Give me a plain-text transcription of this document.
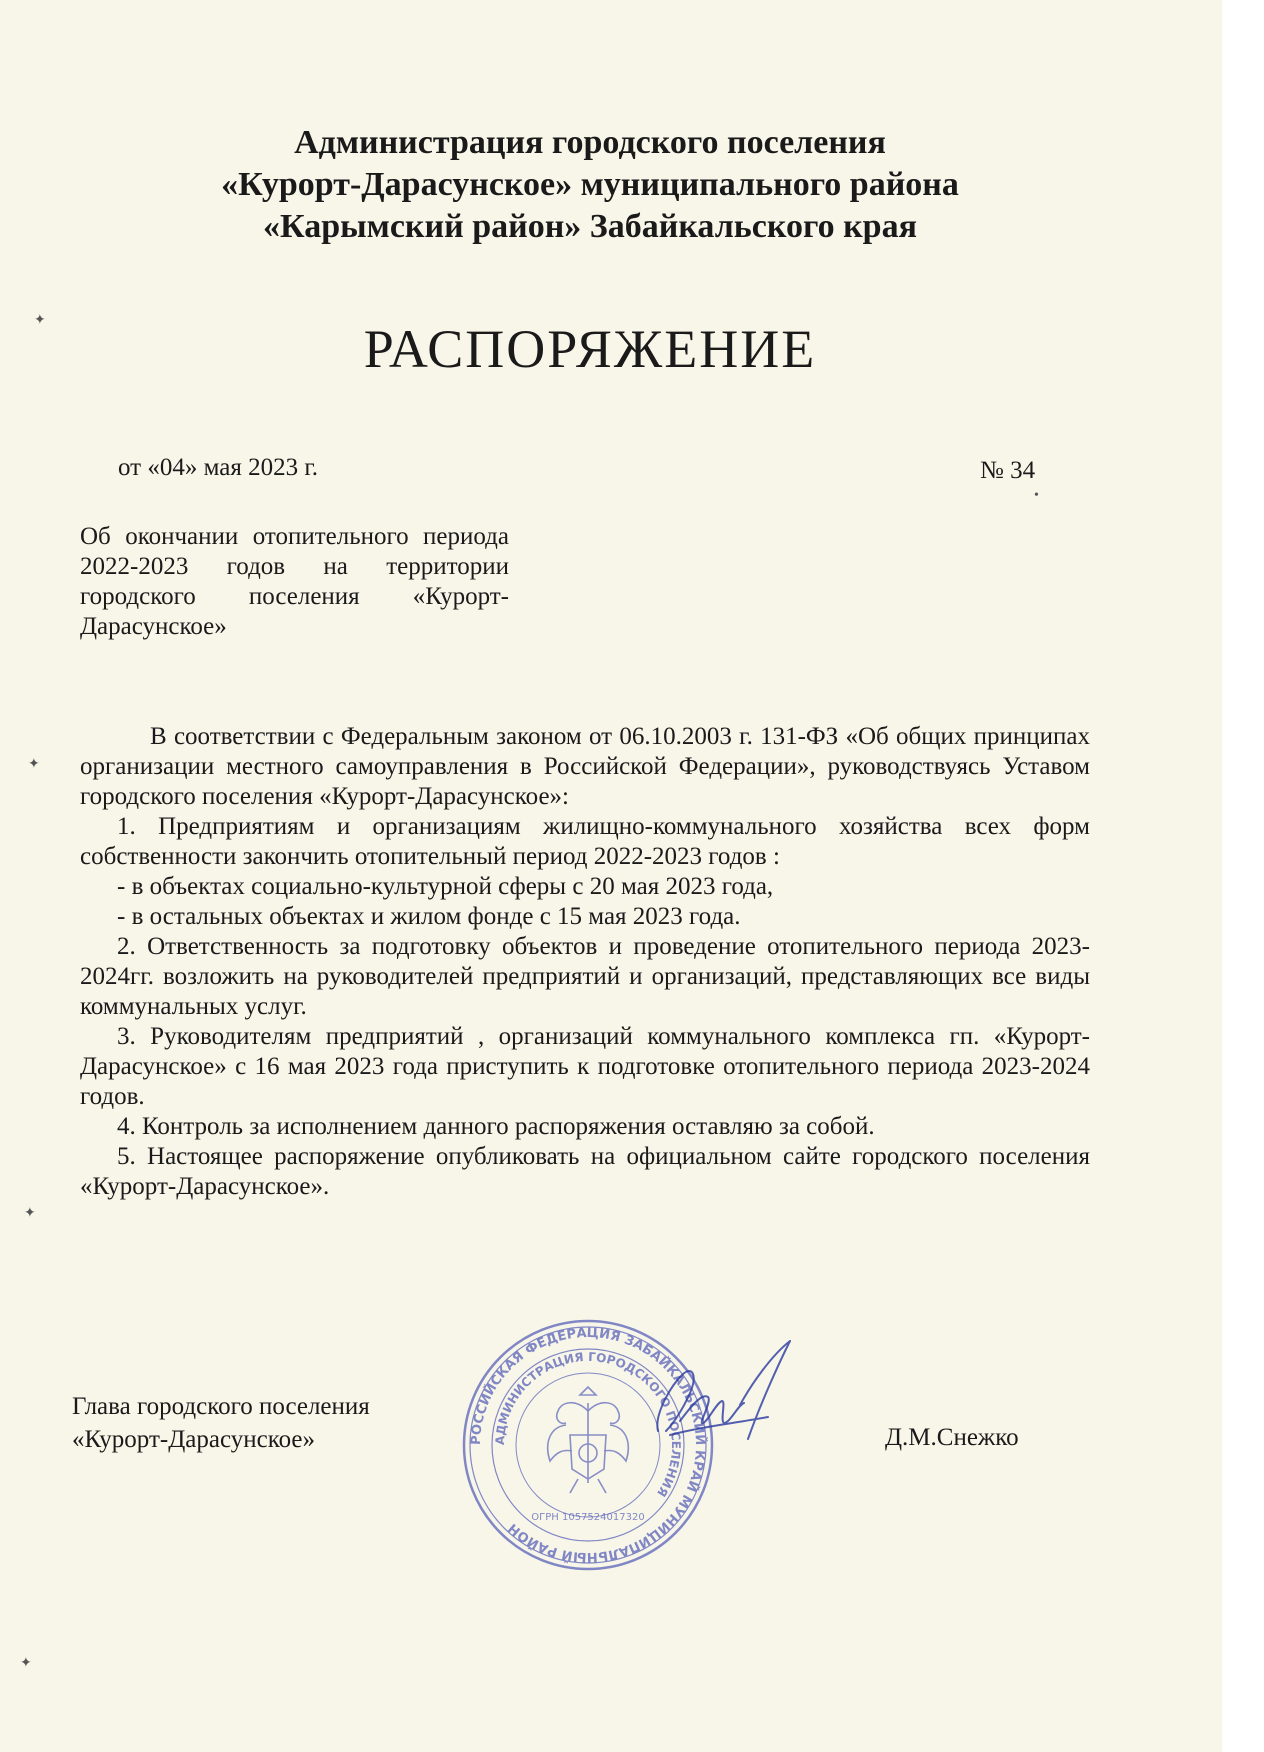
Администрация городского поселения
«Курорт-Дарасунское» муниципального района
«Карымский район» Забайкальского края
РАСПОРЯЖЕНИЕ
от «04» мая 2023 г.	№ 34
Об окончании отопительного периода 2022-2023 годов на территории городского поселения «Курорт-Дарасунское»

В соответствии с Федеральным законом от 06.10.2003 г. 131-ФЗ «Об общих принципах организации местного самоуправления в Российской Федерации», руководствуясь Уставом городского поселения «Курорт-Дарасунское»:

1. Предприятиям и организациям жилищно-коммунального хозяйства всех форм собственности закончить отопительный период 2022-2023 годов :

- в объектах социально-культурной сферы с 20 мая 2023 года,

- в остальных объектах и жилом фонде с 15 мая 2023 года.

2. Ответственность за подготовку объектов и проведение отопительного периода 2023-2024гг. возложить на руководителей предприятий и организаций, представляющих все виды коммунальных услуг.

3. Руководителям предприятий , организаций коммунального комплекса гп. «Курорт-Дарасунское» с 16 мая 2023 года приступить к подготовке отопительного периода 2023-2024 годов.

4. Контроль за исполнением данного распоряжения оставляю за собой.

5. Настоящее распоряжение опубликовать на официальном сайте городского поселения «Курорт-Дарасунское».

Глава городского поселения
«Курорт-Дарасунское»	РОССИЙСКАЯ ФЕДЕРАЦИЯ ЗАБАЙКАЛЬСКИЙ КРАЙ МУНИЦИПАЛЬНЫЙ РАЙОН
АДМИНИСТРАЦИЯ ГОРОДСКОГО ПОСЕЛЕНИЯ
ОГРН 1057524017320
Д.М.Снежко
✦
✦
✦
✦
•
